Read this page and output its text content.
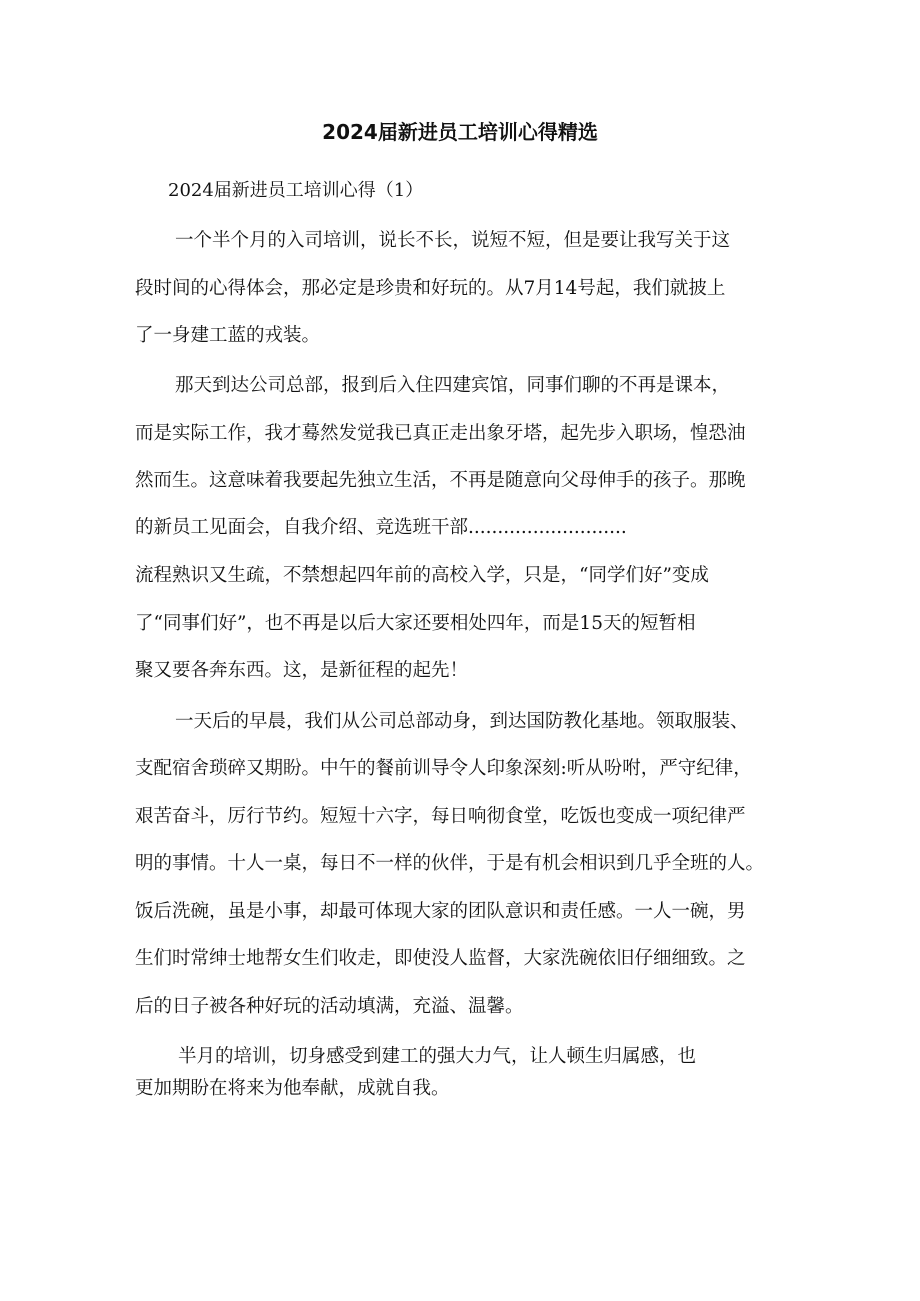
2024届新进员工培训心得精选
2024届新进员工培训心得（1）
一个半个月的入司培训，说长不长，说短不短，但是要让我写关于这
段时间的心得体会，那必定是珍贵和好玩的。从7月14号起，我们就披上
了一身建工蓝的戎装。
那天到达公司总部，报到后入住四建宾馆，同事们聊的不再是课本，
而是实际工作，我才蓦然发觉我已真正走出象牙塔，起先步入职场，惶恐油
然而生。这意味着我要起先独立生活，不再是随意向父母伸手的孩子。那晚
的新员工见面会，自我介绍、竞选班干部...........................
流程熟识又生疏，不禁想起四年前的高校入学，只是，“同学们好”变成
了“同事们好”，也不再是以后大家还要相处四年，而是15天的短暂相
聚又要各奔东西。这，是新征程的起先！
一天后的早晨，我们从公司总部动身，到达国防教化基地。领取服装、
支配宿舍琐碎又期盼。中午的餐前训导令人印象深刻:听从吩咐，严守纪律，
艰苦奋斗，厉行节约。短短十六字，每日响彻食堂，吃饭也变成一项纪律严
明的事情。十人一桌，每日不一样的伙伴，于是有机会相识到几乎全班的人。
饭后洗碗，虽是小事，却最可体现大家的团队意识和责任感。一人一碗，男
生们时常绅士地帮女生们收走，即使没人监督，大家洗碗依旧仔细细致。之
后的日子被各种好玩的活动填满，充溢、温馨。
半月的培训，切身感受到建工的强大力气，让人顿生归属感，也
更加期盼在将来为他奉献，成就自我。
